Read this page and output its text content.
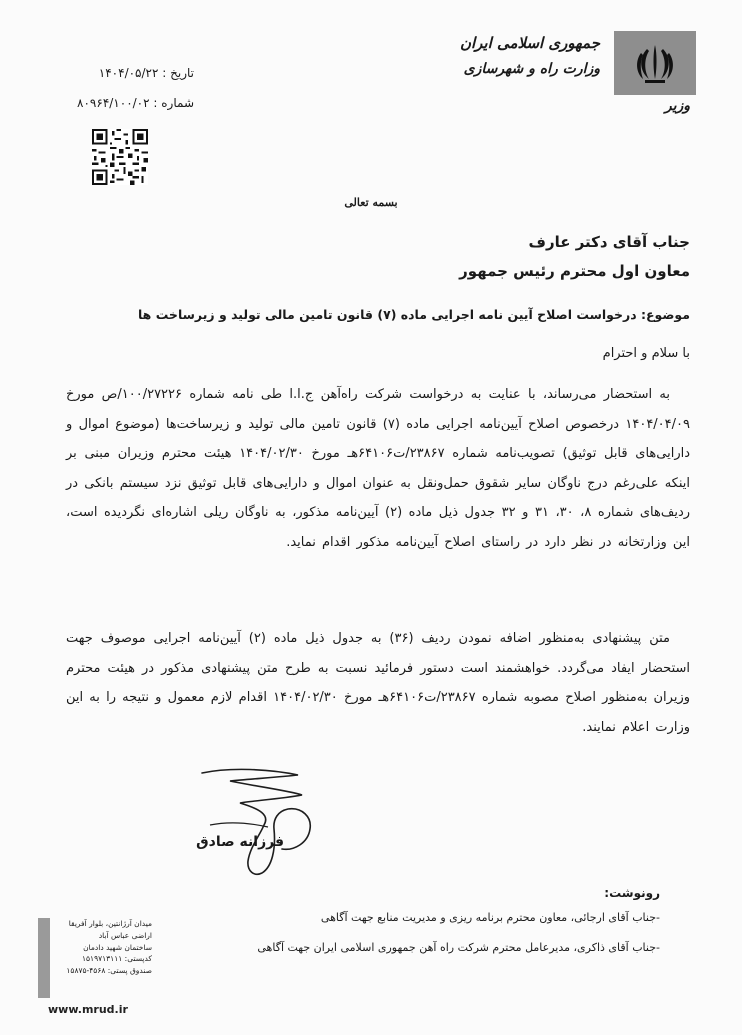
جمهوری اسلامی ایران
وزارت راه و شهرسازی
وزیر
تاریخ : ۱۴۰۴/۰۵/۲۲
شماره : ۸۰۹۶۴/۱۰۰/۰۲
بسمه تعالی
جناب آقای دکتر عارف
معاون اول محترم رئیس جمهور
موضوع: درخواست اصلاح آیین نامه اجرایی ماده (۷) قانون تامین مالی تولید و زیرساخت ها
با سلام و احترام
به استحضار می‌رساند، با عنایت به درخواست شرکت راه‌آهن ج.ا.ا طی نامه شماره ۱۰۰/۲۷۲۲۶/ص مورخ ۱۴۰۴/۰۴/۰۹ درخصوص اصلاح آیین‌نامه اجرایی ماده (۷) قانون تامین مالی تولید و زیرساخت‌ها (موضوع اموال و دارایی‌های قابل توثیق) تصویب‌نامه شماره ۲۳۸۶۷/ت۶۴۱۰۶هـ مورخ ۱۴۰۴/۰۲/۳۰ هیئت محترم وزیران مبنی بر اینکه علی‌رغم درج ناوگان سایر شقوق حمل‌ونقل به عنوان اموال و دارایی‌های قابل توثیق نزد سیستم بانکی در ردیف‌های شماره ۸، ۳۰، ۳۱ و ۳۲ جدول ذیل ماده (۲) آیین‌نامه مذکور، به ناوگان ریلی اشاره‌ای نگردیده است، این وزارتخانه در نظر دارد در راستای اصلاح آیین‌نامه مذکور اقدام نماید.
متن پیشنهادی به‌منظور اضافه نمودن ردیف (۳۶) به جدول ذیل ماده (۲) آیین‌نامه اجرایی موصوف جهت استحضار ایفاد می‌گردد. خواهشمند است دستور فرمائید نسبت به طرح متن پیشنهادی مذکور در هیئت محترم وزیران به‌منظور اصلاح مصوبه شماره ۲۳۸۶۷/ت۶۴۱۰۶هـ مورخ ۱۴۰۴/۰۲/۳۰ اقدام لازم معمول و نتیجه را به این وزارت اعلام نمایند.
فرزانه صادق
رونوشت:
-جناب آقای ارجائی، معاون محترم برنامه ریزی و مدیریت منابع جهت آگاهی
-جناب آقای ذاکری، مدیرعامل محترم شرکت راه آهن جمهوری اسلامی ایران جهت آگاهی
میدان آرژانتین، بلوار آفریقا
اراضی عباس آباد
ساختمان شهید دادمان
کدپستی: ۱۵۱۹۷۱۳۱۱۱
صندوق پستی: ۴۵۶۸-۱۵۸۷۵
www.mrud.ir
